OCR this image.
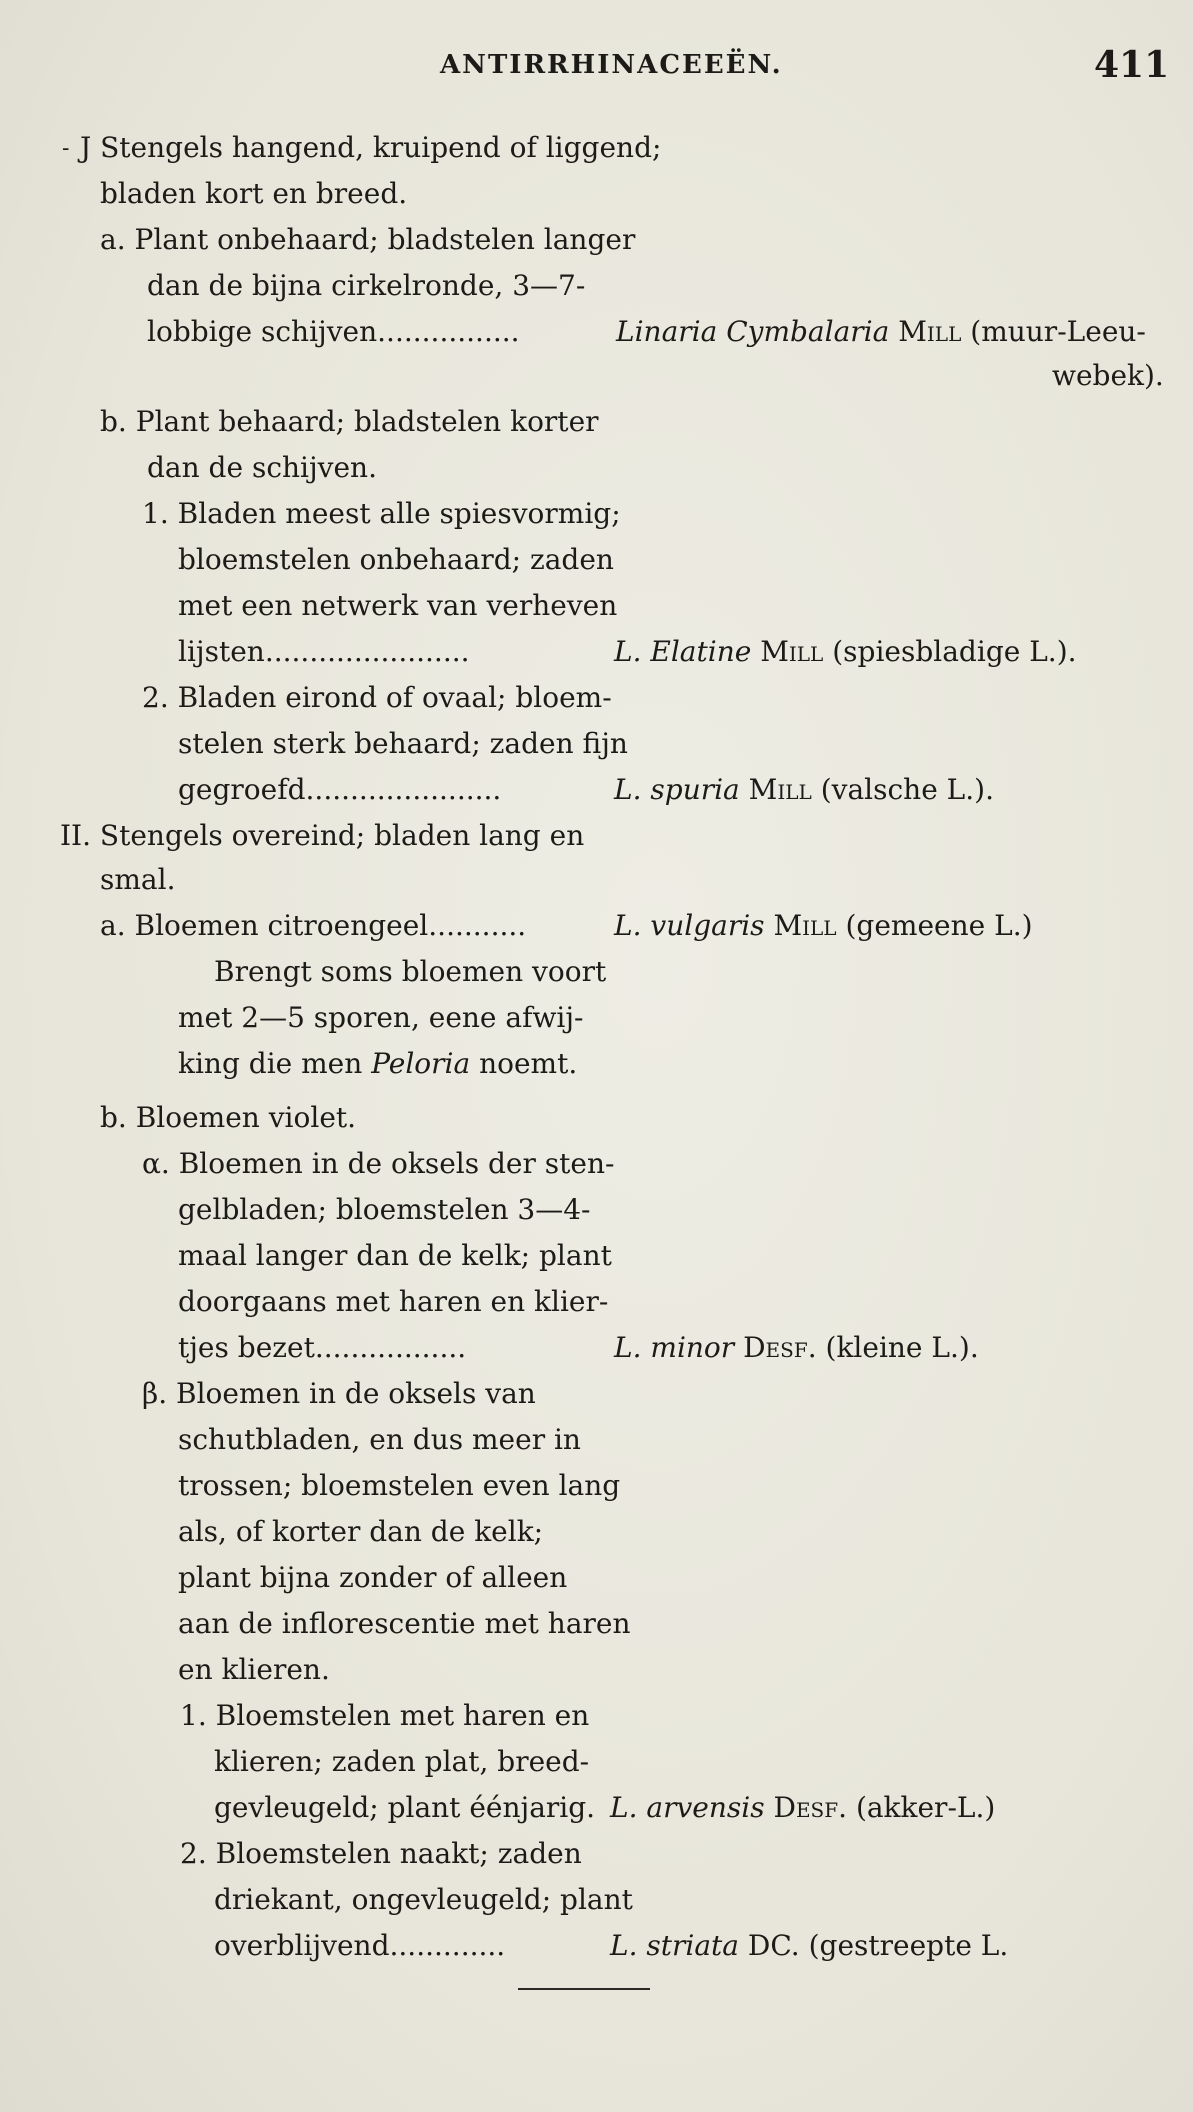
ANTIRRHINACEEËN.	411
- J Stengels hangend, kruipend of liggend;
bladen kort en breed.
a. Plant onbehaard; bladstelen langer
dan de bijna cirkelronde, 3—7-
lobbige schijven................
b. Plant behaard; bladstelen korter
dan de schijven.
1. Bladen meest alle spiesvormig;
bloemstelen onbehaard; zaden
met een netwerk van verheven
lijsten.......................
2. Bladen eirond of ovaal; bloem-
stelen sterk behaard; zaden fijn
gegroefd......................
II. Stengels overeind; bladen lang en
smal.
a. Bloemen citroengeel...........
Brengt soms bloemen voort
met 2—5 sporen, eene afwij-
king die men Peloria noemt.
b. Bloemen violet.
α. Bloemen in de oksels der sten-
gelbladen; bloemstelen 3—4-
maal langer dan de kelk; plant
doorgaans met haren en klier-
tjes bezet.................
β. Bloemen in de oksels van
schutbladen, en dus meer in
trossen; bloemstelen even lang
als, of korter dan de kelk;
plant bijna zonder of alleen
aan de inflorescentie met haren
en klieren.
1. Bloemstelen met haren en
klieren; zaden plat, breed-
gevleugeld; plant éénjarig.
2. Bloemstelen naakt; zaden
driekant, ongevleugeld; plant
overblijvend.............
Linaria Cymbalaria Mill (muur-Leeu-
webek).
L. Elatine Mill (spiesbladige L.).
L. spuria Mill (valsche L.).
L. vulgaris Mill (gemeene L.)
L. minor Desf. (kleine L.).
L. arvensis Desf. (akker-L.)
L. striata DC. (gestreepte L.
